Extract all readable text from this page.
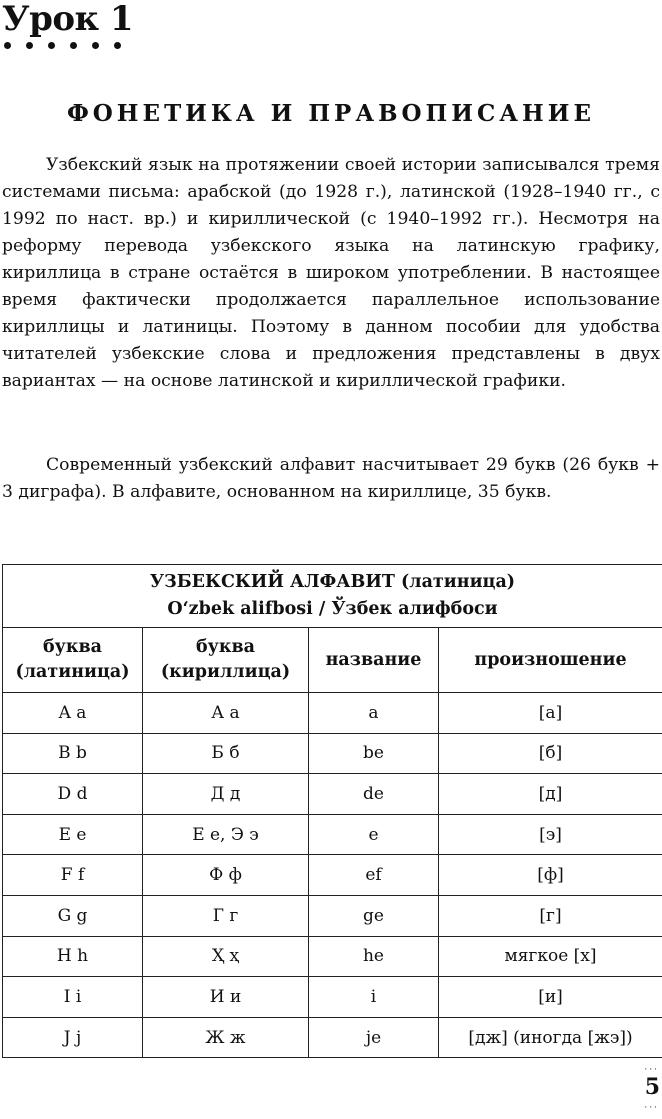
Урок 1
ФОНЕТИКА И ПРАВОПИСАНИЕ

Узбекский язык на протяжении своей истории записывался тремя системами письма: арабской (до 1928 г.), латинской (1928–1940 гг., с 1992 по наст. вр.) и кириллической (с 1940–1992 гг.). Несмотря на реформу перевода узбекского языка на латинскую графику, кириллица в стране остаётся в широком употреблении. В настоящее время фактически продолжается параллельное использование кириллицы и латиницы. Поэтому в данном пособии для удобства читателей узбекские слова и предложения представлены в двух вариантах — на основе латинской и кириллической графики.

Современный узбекский алфавит насчитывает 29 букв (26 букв + 3 диграфа). В алфавите, основанном на кириллице, 35 букв.

УЗБЕКСКИЙ АЛФАВИТ (латиница)
O‘zbek alifbosi / Ўзбек алифбоси			

буква (латиница)	буква (кириллица)	название	произношение
A a	А а	a	[а]
B b	Б б	be	[б]
D d	Д д	de	[д]
E e	Е е, Э э	e	[э]
F f	Ф ф	ef	[ф]
G g	Г г	ge	[г]
H h	Ҳ ҳ	he	мягкое [х]
I i	И и	i	[и]
J j	Ж ж	je	[дж] (иногда [жэ])
···
5
···
